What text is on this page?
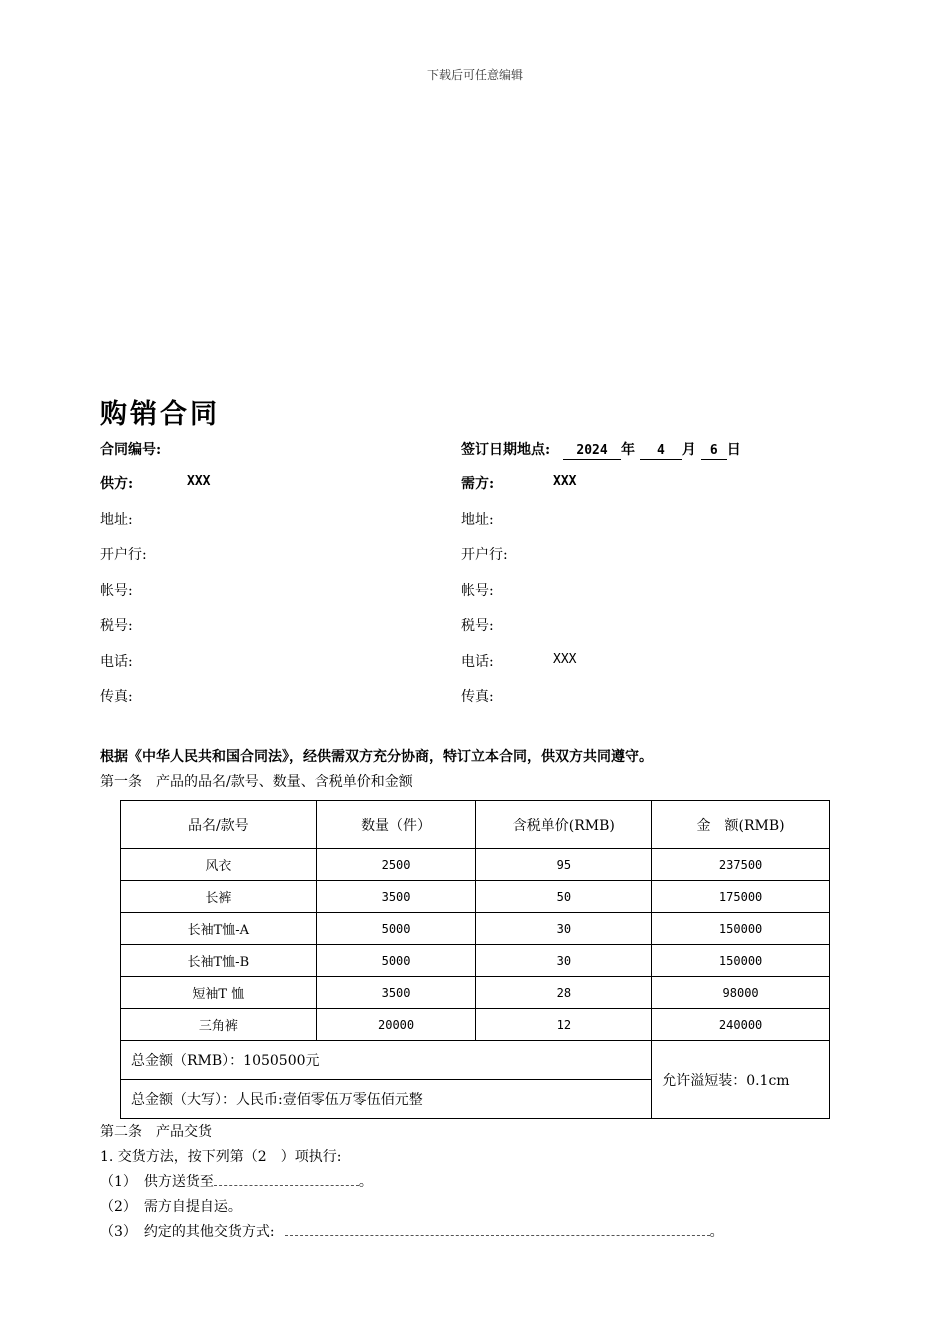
下载后可任意编辑
购销合同
合同编号:	签订日期地点: 2024 年 4 月 6 日
供方:	XXX
地址:
开户行:
帐号:
税号:
电话:
传真:
需方:	XXX
地址:
开户行:
帐号:
税号:
电话:	XXX
传真:
根据《中华人民共和国合同法》，经供需双方充分协商，特订立本合同，供双方共同遵守。
第一条　产品的品名/款号、数量、含税单价和金额
品名/款号	数量（件）	含税单价(RMB)	金　额(RMB)
风衣	2500	95	237500
长裤	3500	50	175000
长袖T恤-A	5000	30	150000
长袖T恤-B	5000	30	150000
短袖T 恤	3500	28	98000
三角裤	20000	12	240000
总金额（RMB）：1050500元			允许溢短装：0.1cm
总金额（大写）：人民币:壹佰零伍万零伍佰元整			
第二条　产品交货
1. 交货方法，按下列第（2　）项执行:
（1）　供方送货至	。
（2）　需方自提自运。
（3）　约定的其他交货方式:	。
